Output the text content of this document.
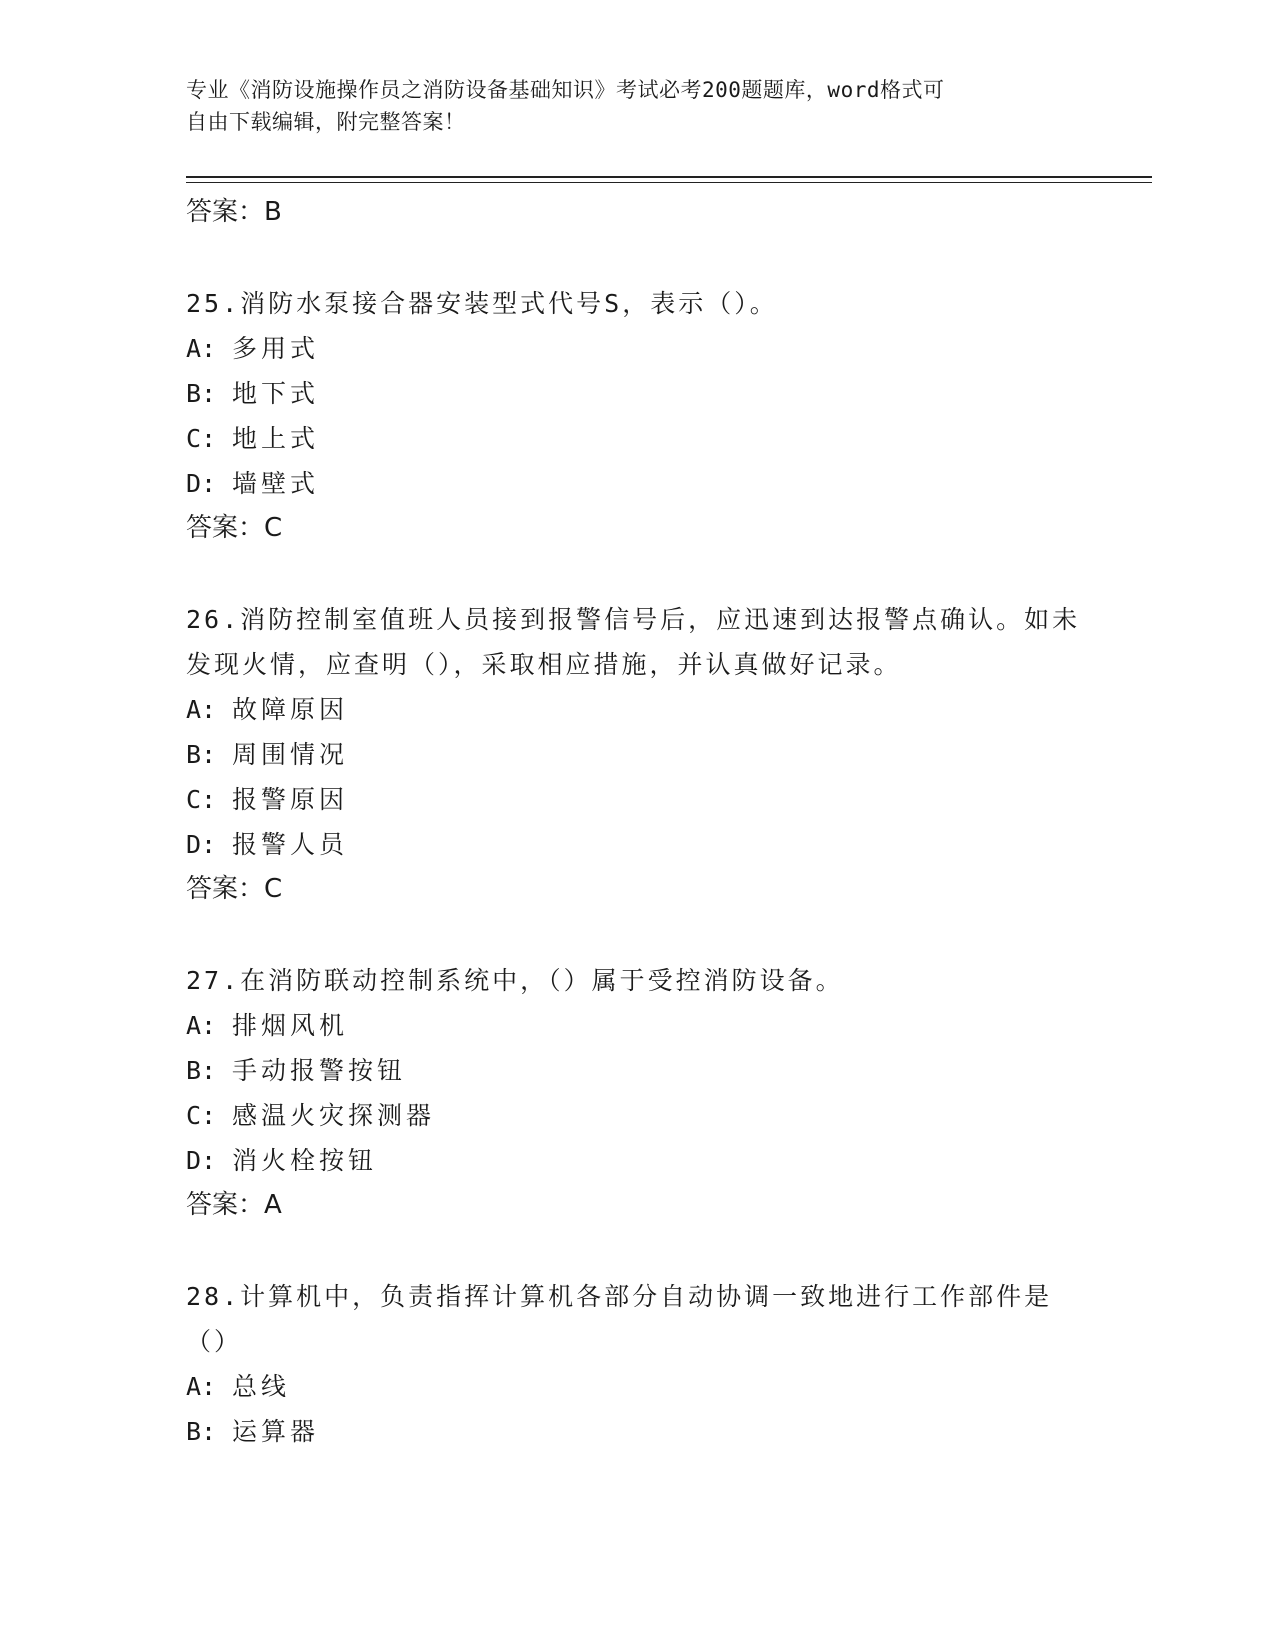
专业《消防设施操作员之消防设备基础知识》考试必考200题题库，word格式可
自由下载编辑，附完整答案！

答案：B

25.消防水泵接合器安装型式代号S，表示（）。

A: 多用式

B: 地下式

C: 地上式

D: 墙壁式

答案：C

26.消防控制室值班人员接到报警信号后，应迅速到达报警点确认。如未发现火情，应查明（），采取相应措施，并认真做好记录。

A: 故障原因

B: 周围情况

C: 报警原因

D: 报警人员

答案：C

27.在消防联动控制系统中，（）属于受控消防设备。

A: 排烟风机

B: 手动报警按钮

C: 感温火灾探测器

D: 消火栓按钮

答案：A

28.计算机中，负责指挥计算机各部分自动协调一致地进行工作部件是（）

A: 总线

B: 运算器
